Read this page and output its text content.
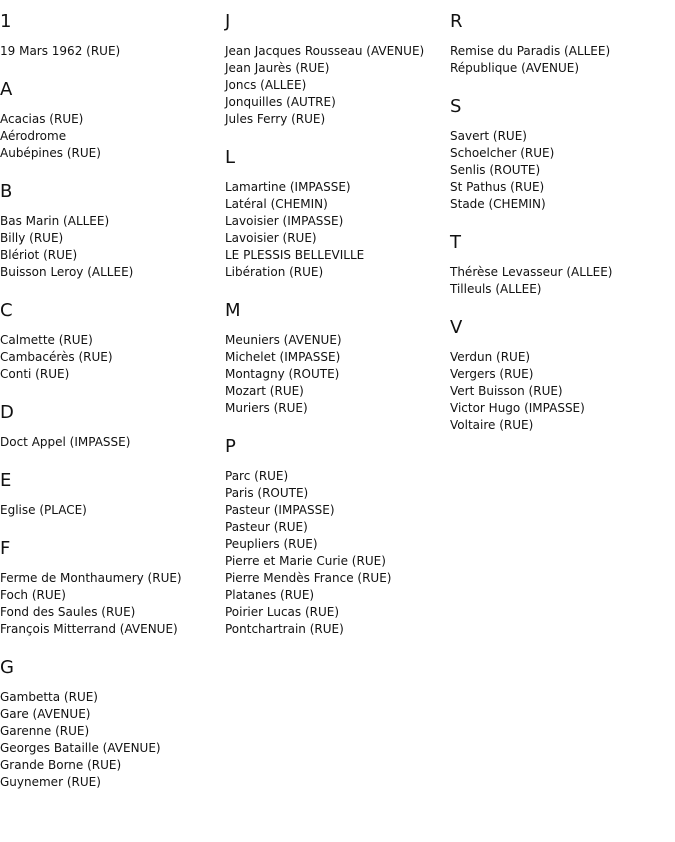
1
19 Mars 1962 (RUE)
A
Acacias (RUE)
Aérodrome
Aubépines (RUE)
B
Bas Marin (ALLEE)
Billy (RUE)
Blériot (RUE)
Buisson Leroy (ALLEE)
C
Calmette (RUE)
Cambacérès (RUE)
Conti (RUE)
D
Doct Appel (IMPASSE)
E
Eglise (PLACE)
F
Ferme de Monthaumery (RUE)
Foch (RUE)
Fond des Saules (RUE)
François Mitterrand (AVENUE)
G
Gambetta (RUE)
Gare (AVENUE)
Garenne (RUE)
Georges Bataille (AVENUE)
Grande Borne (RUE)
Guynemer (RUE)
J
Jean Jacques Rousseau (AVENUE)
Jean Jaurès (RUE)
Joncs (ALLEE)
Jonquilles (AUTRE)
Jules Ferry (RUE)
L
Lamartine (IMPASSE)
Latéral (CHEMIN)
Lavoisier (IMPASSE)
Lavoisier (RUE)
LE PLESSIS BELLEVILLE
Libération (RUE)
M
Meuniers (AVENUE)
Michelet (IMPASSE)
Montagny (ROUTE)
Mozart (RUE)
Muriers (RUE)
P
Parc (RUE)
Paris (ROUTE)
Pasteur (IMPASSE)
Pasteur (RUE)
Peupliers (RUE)
Pierre et Marie Curie (RUE)
Pierre Mendès France (RUE)
Platanes (RUE)
Poirier Lucas (RUE)
Pontchartrain (RUE)
R
Remise du Paradis (ALLEE)
République (AVENUE)
S
Savert (RUE)
Schoelcher (RUE)
Senlis (ROUTE)
St Pathus (RUE)
Stade (CHEMIN)
T
Thérèse Levasseur (ALLEE)
Tilleuls (ALLEE)
V
Verdun (RUE)
Vergers (RUE)
Vert Buisson (RUE)
Victor Hugo (IMPASSE)
Voltaire (RUE)
